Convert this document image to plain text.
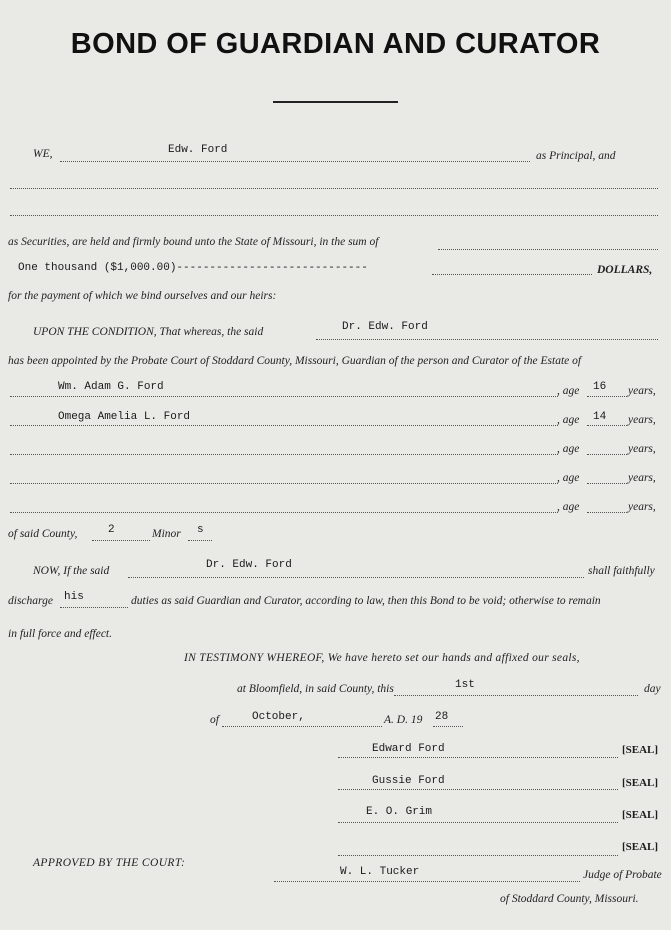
BOND OF GUARDIAN AND CURATOR
WE,	Edw. Ford	as Principal, and
as Securities, are held and firmly bound unto the State of Missouri, in the sum of
One thousand ($1,000.00)-----------------------------	DOLLARS,
for the payment of which we bind ourselves and our heirs:
UPON THE CONDITION, That whereas, the said	Dr. Edw. Ford
has been appointed by the Probate Court of Stoddard County, Missouri, Guardian of the person and Curator of the Estate of
Wm. Adam G. Ford	, age 16 years,
Omega Amelia L. Ford	, age 14 years,
, age	years,
, age	years,
, age	years,
of said County,	2	Minor s
NOW, If the said	Dr. Edw. Ford	shall faithfully
discharge his	duties as said Guardian and Curator, according to law, then this Bond to be void; otherwise to remain
in full force and effect.
IN TESTIMONY WHEREOF, We have hereto set our hands and affixed our seals,
at Bloomfield, in said County, this	1st	day
of	October,	A. D. 19 28
Edward Ford	[SEAL]
Gussie Ford	[SEAL]
E. O. Grim	[SEAL]
[SEAL]
APPROVED BY THE COURT:
W. L. Tucker	Judge of Probate
of Stoddard County, Missouri.
